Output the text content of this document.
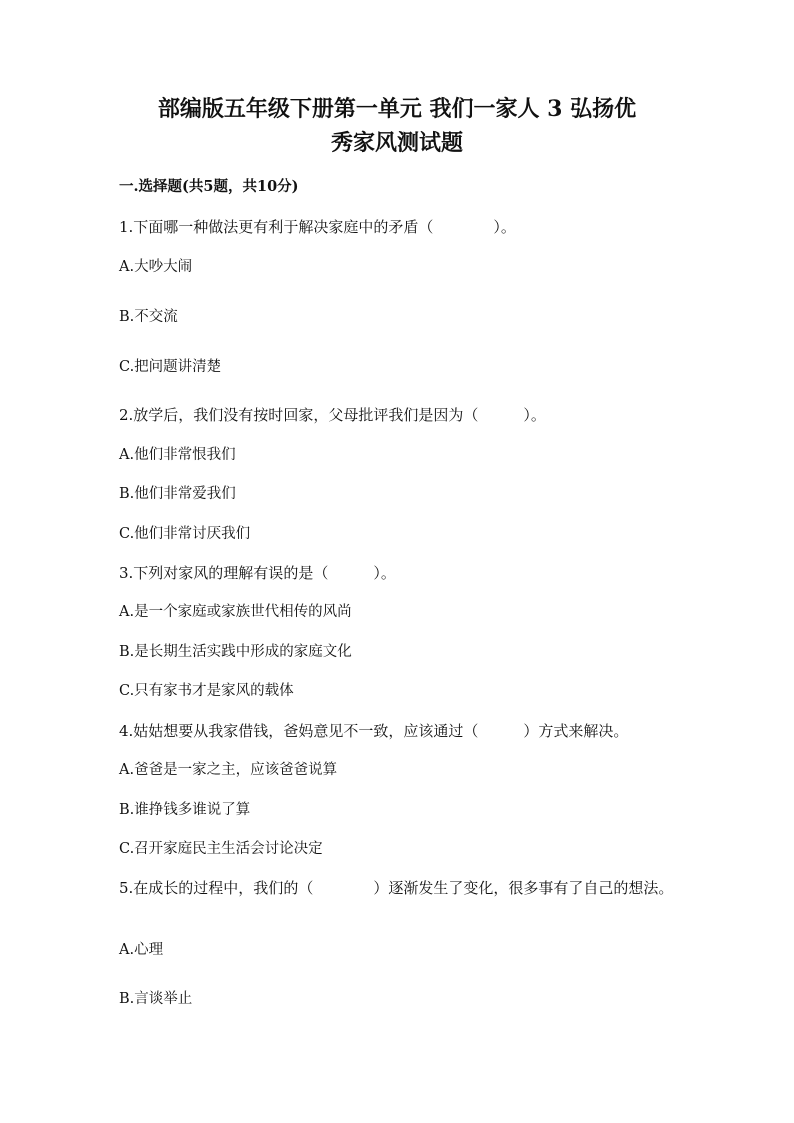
部编版五年级下册第一单元 我们一家人 3 弘扬优
秀家风测试题
一.选择题(共5题，共10分)
1.下面哪一种做法更有利于解决家庭中的矛盾（　　　　）。
A.大吵大闹
B.不交流
C.把问题讲清楚
2.放学后，我们没有按时回家，父母批评我们是因为（　　　）。
A.他们非常恨我们
B.他们非常爱我们
C.他们非常讨厌我们
3.下列对家风的理解有误的是（　　　）。
A.是一个家庭或家族世代相传的风尚
B.是长期生活实践中形成的家庭文化
C.只有家书才是家风的载体
4.姑姑想要从我家借钱，爸妈意见不一致，应该通过（　　　）方式来解决。
A.爸爸是一家之主，应该爸爸说算
B.谁挣钱多谁说了算
C.召开家庭民主生活会讨论决定
5.在成长的过程中，我们的（　　　　）逐渐发生了变化，很多事有了自己的想法。
A.心理
B.言谈举止
